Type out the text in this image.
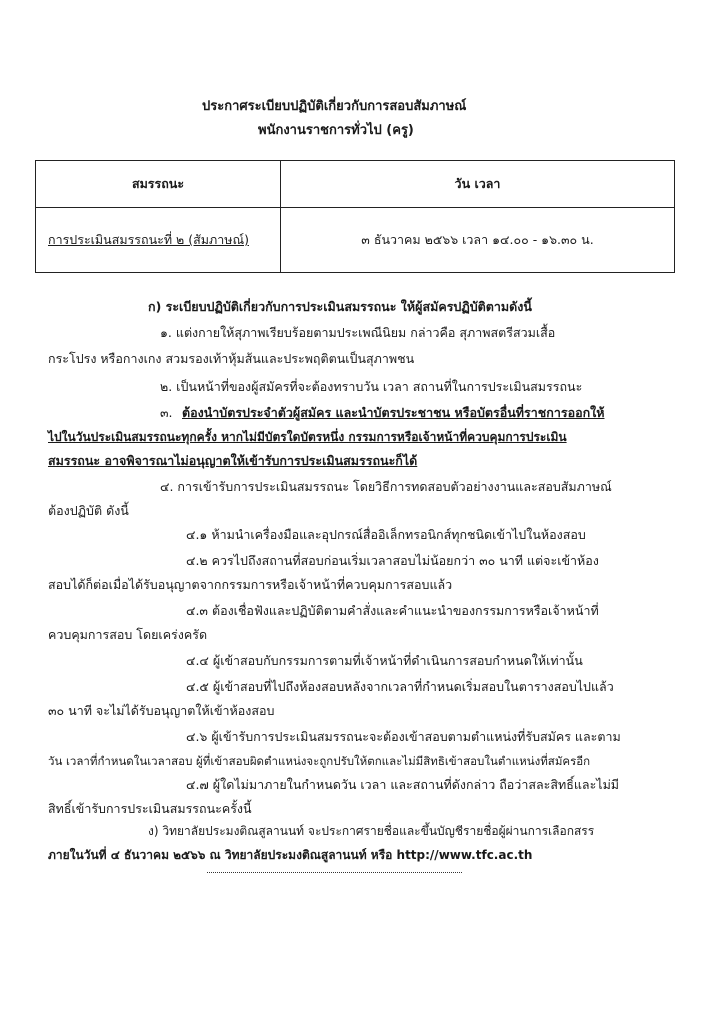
ประกาศระเบียบปฏิบัติเกี่ยวกับการสอบสัมภาษณ์
พนักงานราชการทั่วไป (ครู)
สมรรถนะ	วัน เวลา
การประเมินสมรรถนะที่ ๒ (สัมภาษณ์)	๓ ธันวาคม ๒๕๖๖ เวลา ๑๔.๐๐ - ๑๖.๓๐ น.
ก) ระเบียบปฏิบัติเกี่ยวกับการประเมินสมรรถนะ ให้ผู้สมัครปฏิบัติตามดังนี้
๑. แต่งกายให้สุภาพเรียบร้อยตามประเพณีนิยม กล่าวคือ สุภาพสตรีสวมเสื้อ
กระโปรง หรือกางเกง สวมรองเท้าหุ้มส้นและประพฤติตนเป็นสุภาพชน
๒. เป็นหน้าที่ของผู้สมัครที่จะต้องทราบวัน เวลา สถานที่ในการประเมินสมรรถนะ
๓. ต้องนำบัตรประจำตัวผู้สมัคร และนำบัตรประชาชน หรือบัตรอื่นที่ราชการออกให้
ไปในวันประเมินสมรรถนะทุกครั้ง หากไม่มีบัตรใดบัตรหนึ่ง กรรมการหรือเจ้าหน้าที่ควบคุมการประเมิน
สมรรถนะ อาจพิจารณาไม่อนุญาตให้เข้ารับการประเมินสมรรถนะก็ได้
๔. การเข้ารับการประเมินสมรรถนะ โดยวิธีการทดสอบตัวอย่างงานและสอบสัมภาษณ์
ต้องปฏิบัติ ดังนี้
๔.๑ ห้ามนำเครื่องมือและอุปกรณ์สื่ออิเล็กทรอนิกส์ทุกชนิดเข้าไปในห้องสอบ
๔.๒ ควรไปถึงสถานที่สอบก่อนเริ่มเวลาสอบไม่น้อยกว่า ๓๐ นาที แต่จะเข้าห้อง
สอบได้ก็ต่อเมื่อได้รับอนุญาตจากกรรมการหรือเจ้าหน้าที่ควบคุมการสอบแล้ว
๔.๓ ต้องเชื่อฟังและปฏิบัติตามคำสั่งและคำแนะนำของกรรมการหรือเจ้าหน้าที่
ควบคุมการสอบ โดยเคร่งครัด
๔.๔ ผู้เข้าสอบกับกรรมการตามที่เจ้าหน้าที่ดำเนินการสอบกำหนดให้เท่านั้น
๔.๕ ผู้เข้าสอบที่ไปถึงห้องสอบหลังจากเวลาที่กำหนดเริ่มสอบในตารางสอบไปแล้ว
๓๐ นาที จะไม่ได้รับอนุญาตให้เข้าห้องสอบ
๔.๖ ผู้เข้ารับการประเมินสมรรถนะจะต้องเข้าสอบตามตำแหน่งที่รับสมัคร และตาม
วัน เวลาที่กำหนดในเวลาสอบ ผู้ที่เข้าสอบผิดตำแหน่งจะถูกปรับให้ตกและไม่มีสิทธิเข้าสอบในตำแหน่งที่สมัครอีก
๔.๗ ผู้ใดไม่มาภายในกำหนดวัน เวลา และสถานที่ดังกล่าว ถือว่าสละสิทธิ์และไม่มี
สิทธิ์เข้ารับการประเมินสมรรถนะครั้งนี้
ง) วิทยาลัยประมงติณสูลานนท์ จะประกาศรายชื่อและขึ้นบัญชีรายชื่อผู้ผ่านการเลือกสรร
ภายในวันที่ ๔ ธันวาคม ๒๕๖๖ ณ วิทยาลัยประมงติณสูลานนท์ หรือ http://www.tfc.ac.th
